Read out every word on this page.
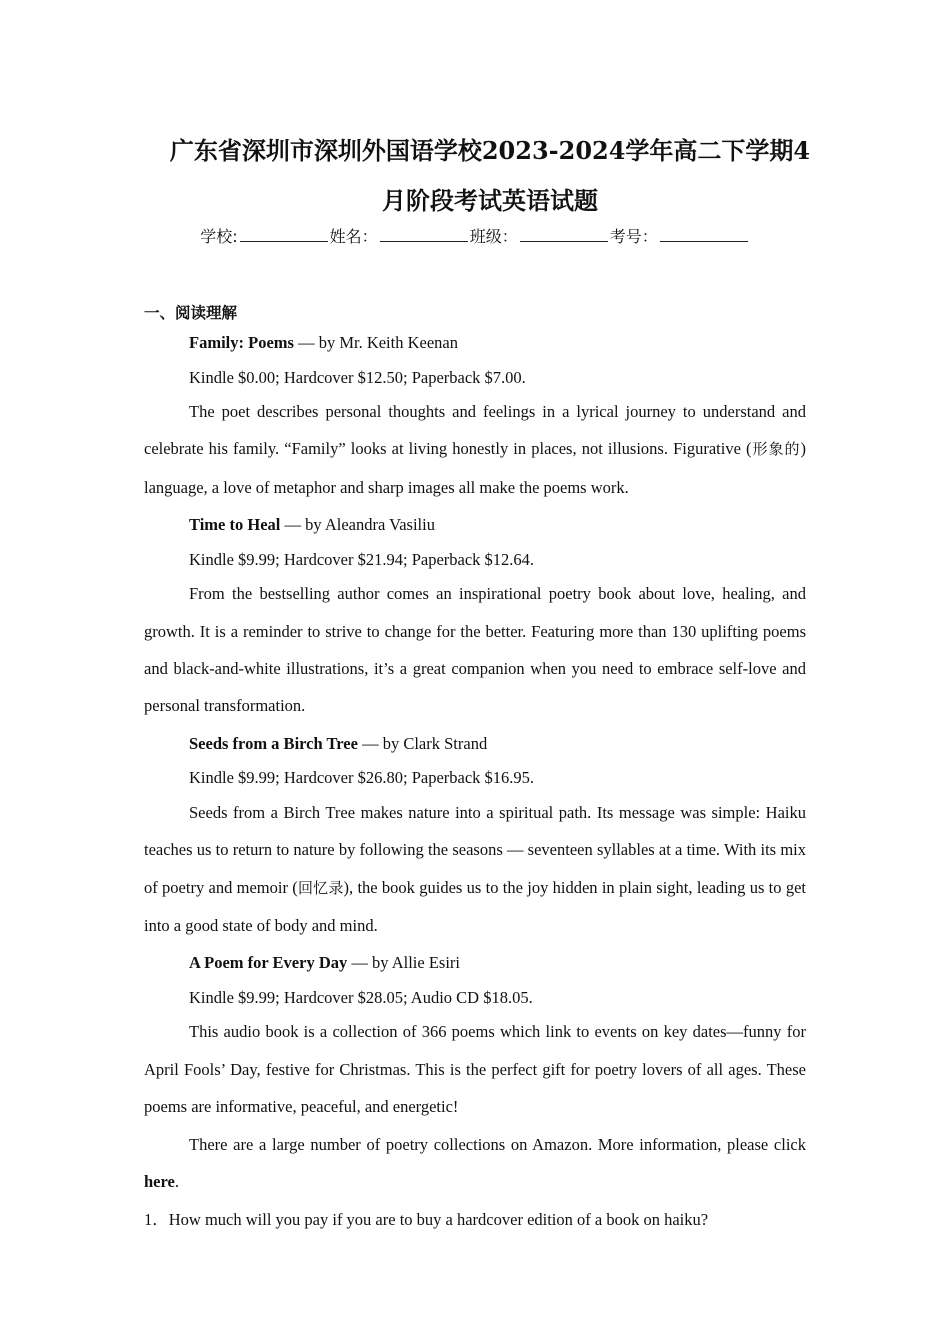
广东省深圳市深圳外国语学校2023-2024学年高二下学期4
月阶段考试英语试题
学校:	姓名：	班级：	考号：
一、阅读理解
Family: Poems — by Mr. Keith Keenan
Kindle $0.00; Hardcover $12.50; Paperback $7.00.
The poet describes personal thoughts and feelings in a lyrical journey to understand and celebrate his family. “Family” looks at living honestly in places, not illusions. Figurative (形象的) language, a love of metaphor and sharp images all make the poems work.
Time to Heal — by Aleandra Vasiliu
Kindle $9.99; Hardcover $21.94; Paperback $12.64.
From the bestselling author comes an inspirational poetry book about love, healing, and growth. It is a reminder to strive to change for the better. Featuring more than 130 uplifting poems and black-and-white illustrations, it’s a great companion when you need to embrace self-love and personal transformation.
Seeds from a Birch Tree — by Clark Strand
Kindle $9.99; Hardcover $26.80; Paperback $16.95.
Seeds from a Birch Tree makes nature into a spiritual path. Its message was simple: Haiku teaches us to return to nature by following the seasons — seventeen syllables at a time. With its mix of poetry and memoir (回忆录), the book guides us to the joy hidden in plain sight, leading us to get into a good state of body and mind.
A Poem for Every Day — by Allie Esiri
Kindle $9.99; Hardcover $28.05; Audio CD $18.05.
This audio book is a collection of 366 poems which link to events on key dates—funny for April Fools’ Day, festive for Christmas. This is the perfect gift for poetry lovers of all ages. These poems are informative, peaceful, and energetic!
There are a large number of poetry collections on Amazon. More information, please click here.
1．How much will you pay if you are to buy a hardcover edition of a book on haiku?
